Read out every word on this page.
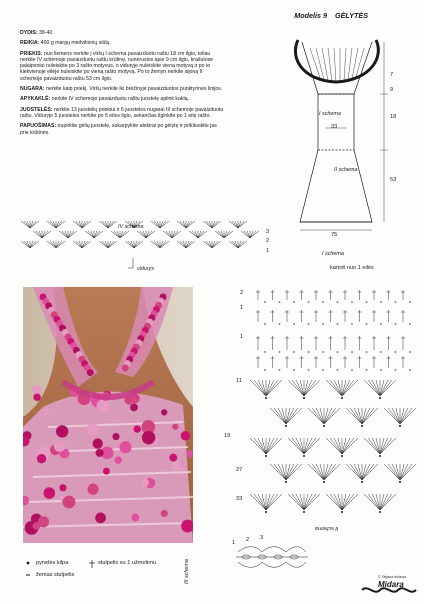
Modelis 9 GĖLYTĖS
DYDIS: 38-40
REIKIA: 400 g margų medvilninių siūlų.
PRIEKIS: nuo liemens nerkite į viršų I schema pavaizduotu raštu 18 cm ilgio, toliau nerkite IV schemoje pavaizduotu raštu krūtinę, nunėrusios apie 9 cm ilgio, krašutose palaipsniui nuleiskite po 3 rašto motyvus, o viduryje nuleiskite vieną motyvą ir po to kiekvienoje eilėje nuleiskite po vieną rašto motyvą. Po to žemyn nerkite sijoną II schemoje pavaizduotu raštu 53 cm ilgio.
NUGARA: nerkite kaip priekį. Viršų nerkite iki brėžinyje pavaizduotos punktyrinės linijos.
APYKAKLĖ: nerkite IV schemoje pavaizduotu raštu juostelę aplink kaklą.
JUOSTELĖS: nerkite 13 juostelių priekiui ir 6 juosteles nugarai III schemoje pavaizduotu raštu. Viduryje 5 juosteles nerkite po 5 eiles ilgio, sekančias ilginkite po 1 eilę rašto.
PAPUOŠIMAS: nupirkite gėlių juostelę, sukarpykite atskirai po gėlytę ir prikliuokite jas prie krūtinės.
I schema
II schema
7
9
18
33
53
75
I schema
IV schema
3
2
1
vidurys	kartoti nuo 1 eilės
2
1
1
11
19
27
33
II schema
III schema
1 2 3
pynelės kilpa
žemas stulpelis
stulpelis su 1 užmetimu
© Tatjana leidinys
Midara
